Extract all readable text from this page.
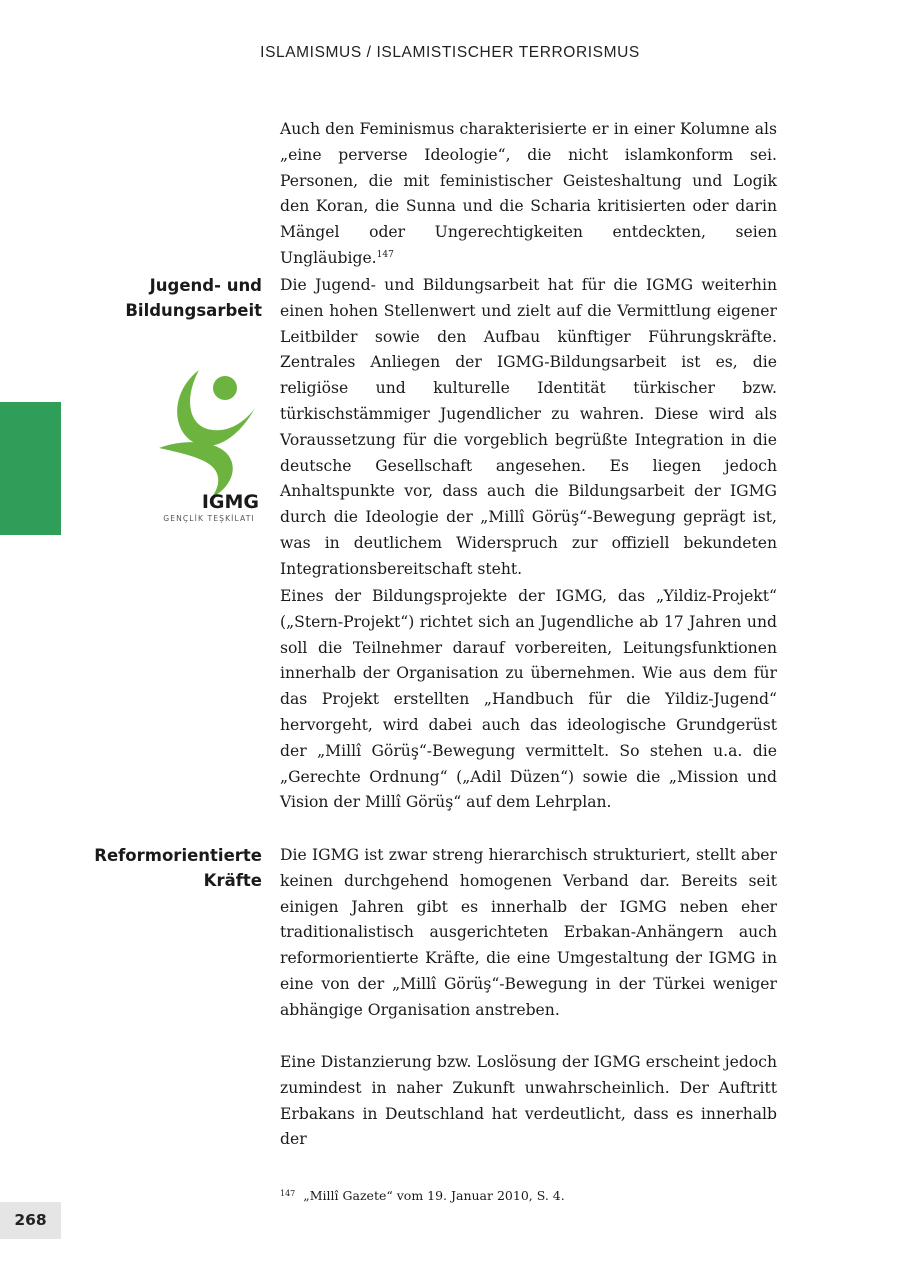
ISLAMISMUS / ISLAMISTISCHER TERRORISMUS

Auch den Feminismus charakterisierte er in einer Kolumne als „eine perverse Ideologie“, die nicht islamkonform sei. Personen, die mit feministischer Geisteshaltung und Logik den Koran, die Sunna und die Scharia kritisierten oder darin Mängel oder Ungerechtigkeiten entdeckten, seien Ungläubige.$^{147}$

Jugend- und
Bildungsarbeit
IGMG
GENÇLİK TEŞKİLATI

Die Jugend- und Bildungsarbeit hat für die IGMG weiterhin einen hohen Stellenwert und zielt auf die Vermittlung eigener Leitbilder sowie den Aufbau künftiger Führungskräfte. Zentrales Anliegen der IGMG-Bildungsarbeit ist es, die religiöse und kulturelle Identität türkischer bzw. türkischstämmiger Jugendlicher zu wahren. Diese wird als Voraussetzung für die vorgeblich begrüßte Integration in die deutsche Gesellschaft angesehen. Es liegen jedoch Anhaltspunkte vor, dass auch die Bildungsarbeit der IGMG durch die Ideologie der „Millî Görüş“-Bewegung geprägt ist, was in deutlichem Widerspruch zur offiziell bekundeten Integrationsbereitschaft steht.

Eines der Bildungsprojekte der IGMG, das „Yildiz-Projekt“ („Stern-Projekt“) richtet sich an Jugendliche ab 17 Jahren und soll die Teilnehmer darauf vorbereiten, Leitungsfunktionen innerhalb der Organisation zu übernehmen. Wie aus dem für das Projekt erstellten „Handbuch für die Yildiz-Jugend“ hervorgeht, wird dabei auch das ideologische Grundgerüst der „Millî Görüş“-Bewegung vermittelt. So stehen u.a. die „Gerechte Ordnung“ („Adil Düzen“) sowie die „Mission und Vision der Millî Görüş“ auf dem Lehrplan.

Reformorientierte
Kräfte

Die IGMG ist zwar streng hierarchisch strukturiert, stellt aber keinen durchgehend homogenen Verband dar. Bereits seit einigen Jahren gibt es innerhalb der IGMG neben eher traditionalistisch ausgerichteten Erbakan-Anhängern auch reformorientierte Kräfte, die eine Umgestaltung der IGMG in eine von der „Millî Görüş“-Bewegung in der Türkei weniger abhängige Organisation anstreben.

Eine Distanzierung bzw. Loslösung der IGMG erscheint jedoch zumindest in naher Zukunft unwahrscheinlich. Der Auftritt Erbakans in Deutschland hat verdeutlicht, dass es innerhalb der

$^{147}$ „Millî Gazete“ vom 19. Januar 2010, S. 4.
268
